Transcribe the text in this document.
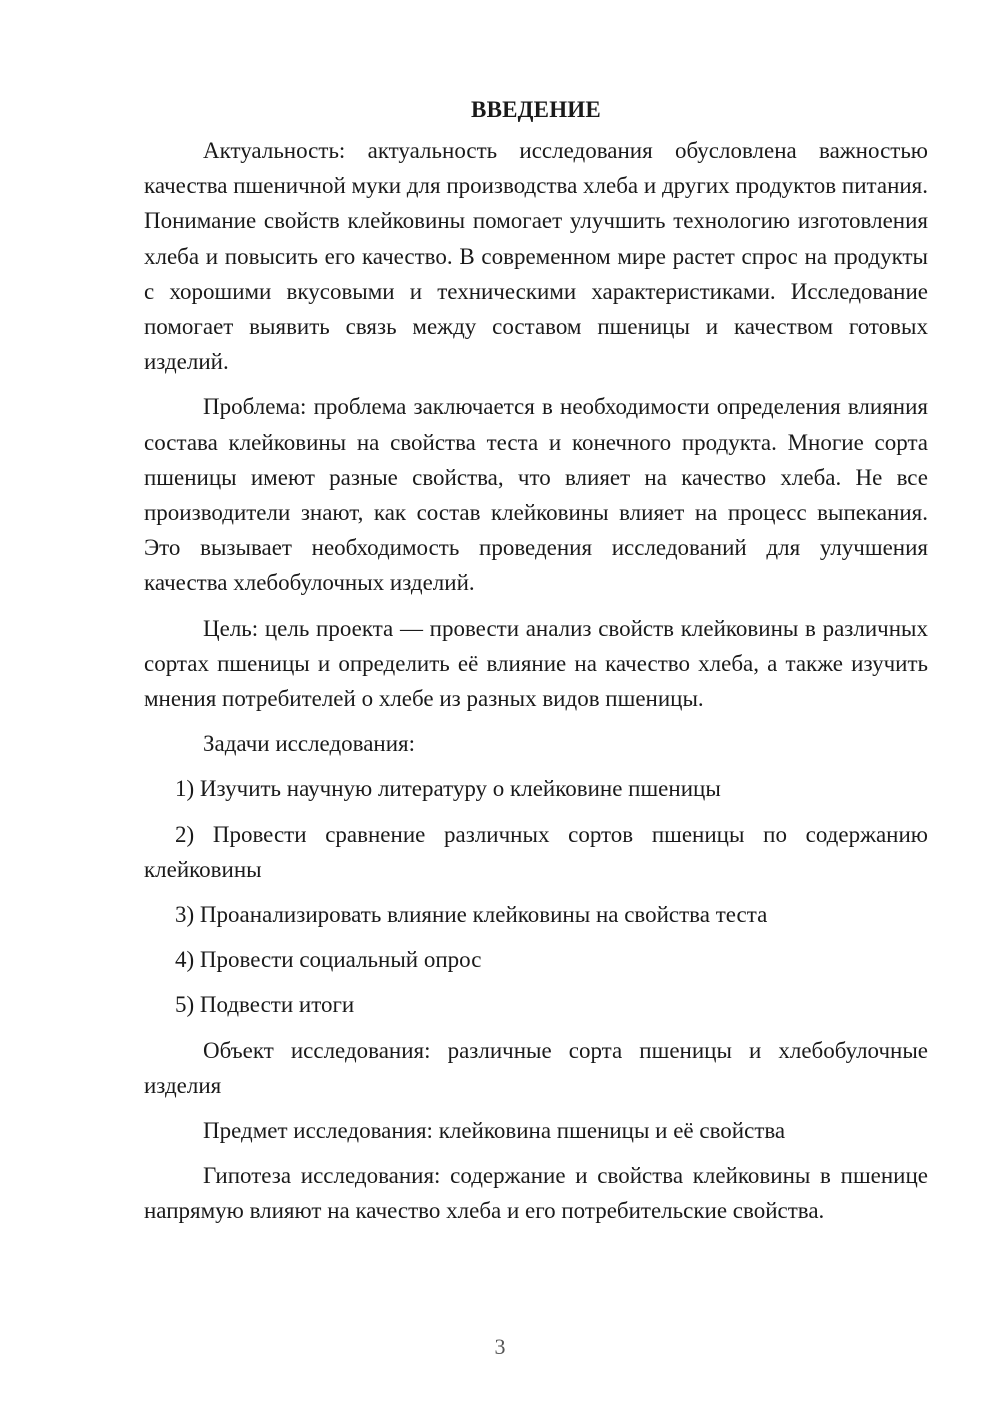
ВВЕДЕНИЕ

Актуальность: актуальность исследования обусловлена важностью качества пшеничной муки для производства хлеба и других продуктов питания. Понимание свойств клейковины помогает улучшить технологию изготовления хлеба и повысить его качество. В современном мире растет спрос на продукты с хорошими вкусовыми и техническими характеристиками. Исследование помогает выявить связь между составом пшеницы и качеством готовых изделий.

Проблема: проблема заключается в необходимости определения влияния состава клейковины на свойства теста и конечного продукта. Многие сорта пшеницы имеют разные свойства, что влияет на качество хлеба. Не все производители знают, как состав клейковины влияет на процесс выпекания. Это вызывает необходимость проведения исследований для улучшения качества хлебобулочных изделий.

Цель: цель проекта — провести анализ свойств клейковины в различных сортах пшеницы и определить её влияние на качество хлеба, а также изучить мнения потребителей о хлебе из разных видов пшеницы.

Задачи исследования:

1) Изучить научную литературу о клейковине пшеницы

2) Провести сравнение различных сортов пшеницы по содержанию клейковины

3) Проанализировать влияние клейковины на свойства теста

4) Провести социальный опрос

5) Подвести итоги

Объект исследования: различные сорта пшеницы и хлебобулочные изделия

Предмет исследования: клейковина пшеницы и её свойства

Гипотеза исследования: содержание и свойства клейковины в пшенице напрямую влияют на качество хлеба и его потребительские свойства.

3
